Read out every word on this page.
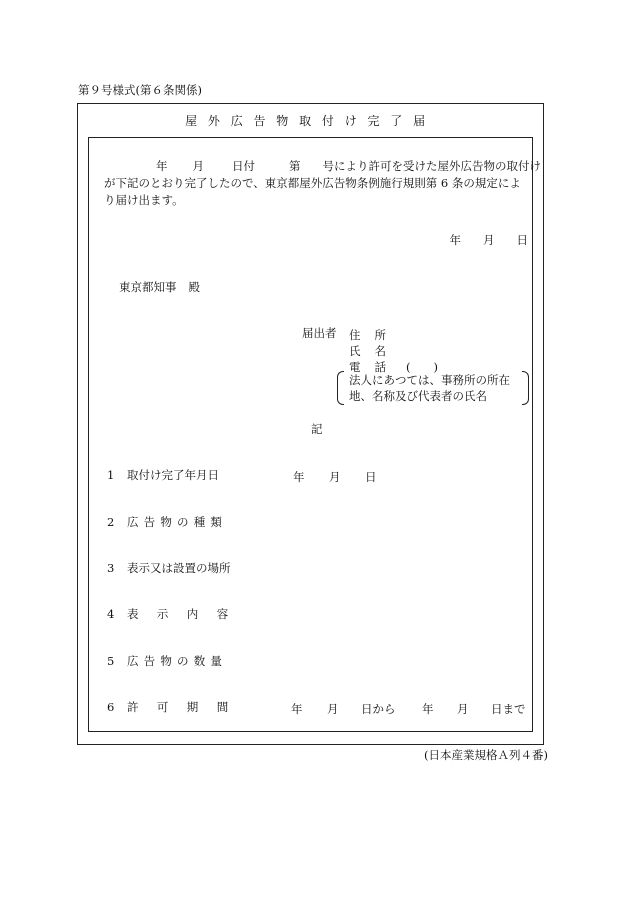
第９号様式(第６条関係)
屋外広告物取付け完了届
年 月 日付	第 号により許可を受けた屋外広告物の取付け
が下記のとおり完了したので、東京都屋外広告物条例施行規則第 6 条の規定によ
り届け出ます。
年 月 日
東京都知事 殿
届出者 住 所
氏 名
電 話 (　　)
法人にあつては、事務所の所在
地、名称及び代表者の氏名
記
1 取付け完了年月日	年 月 日
2 広告物の種類
3 表示又は設置の場所
4 表示内容
5 広告物の数量
6 許可期間	年 月 日から 年 月 日まで
(日本産業規格Ａ列４番)
